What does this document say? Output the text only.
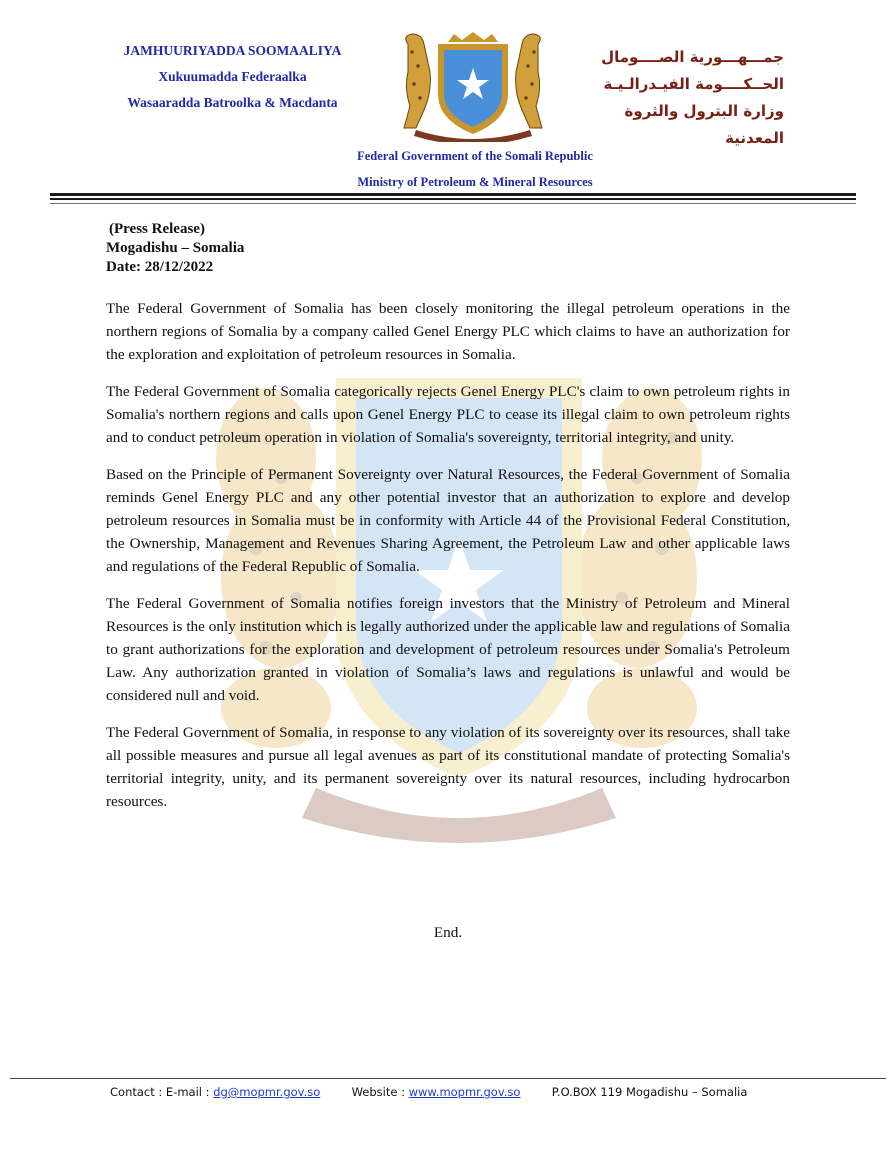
JAMHUURIYADDA SOOMAALIYA
Xukuumadda Federaalka
Wasaaradda Batroolka & Macdanta
جمـــهـــورية الصــــومال
الحــكــــومة الفيـدرالـيـة
وزارة البترول والثروة المعدنية
Federal Government of the Somali Republic
Ministry of Petroleum & Mineral Resources
(Press Release)
Mogadishu – Somalia
Date: 28/12/2022

The Federal Government of Somalia has been closely monitoring the illegal petroleum operations in the northern regions of Somalia by a company called Genel Energy PLC which claims to have an authorization for the exploration and exploitation of petroleum resources in Somalia.

The Federal Government of Somalia categorically rejects Genel Energy PLC's claim to own petroleum rights in Somalia's northern regions and calls upon Genel Energy PLC to cease its illegal claim to own petroleum rights and to conduct petroleum operation in violation of Somalia's sovereignty, territorial integrity, and unity.

Based on the Principle of Permanent Sovereignty over Natural Resources, the Federal Government of Somalia reminds Genel Energy PLC and any other potential investor that an authorization to explore and develop petroleum resources in Somalia must be in conformity with Article 44 of the Provisional Federal Constitution, the Ownership, Management and Revenues Sharing Agreement, the Petroleum Law and other applicable laws and regulations of the Federal Republic of Somalia.

The Federal Government of Somalia notifies foreign investors that the Ministry of Petroleum and Mineral Resources is the only institution which is legally authorized under the applicable law and regulations of Somalia to grant authorizations for the exploration and development of petroleum resources under Somalia's Petroleum Law. Any authorization granted in violation of Somalia’s laws and regulations is unlawful and would be considered null and void.

The Federal Government of Somalia, in response to any violation of its sovereignty over its resources, shall take all possible measures and pursue all legal avenues as part of its constitutional mandate of protecting Somalia's territorial integrity, unity, and its permanent sovereignty over its natural resources, including hydrocarbon resources.

End.
Contact : E-mail : dg@mopmr.gov.so	Website : www.mopmr.gov.so	P.O.BOX 119 Mogadishu – Somalia
